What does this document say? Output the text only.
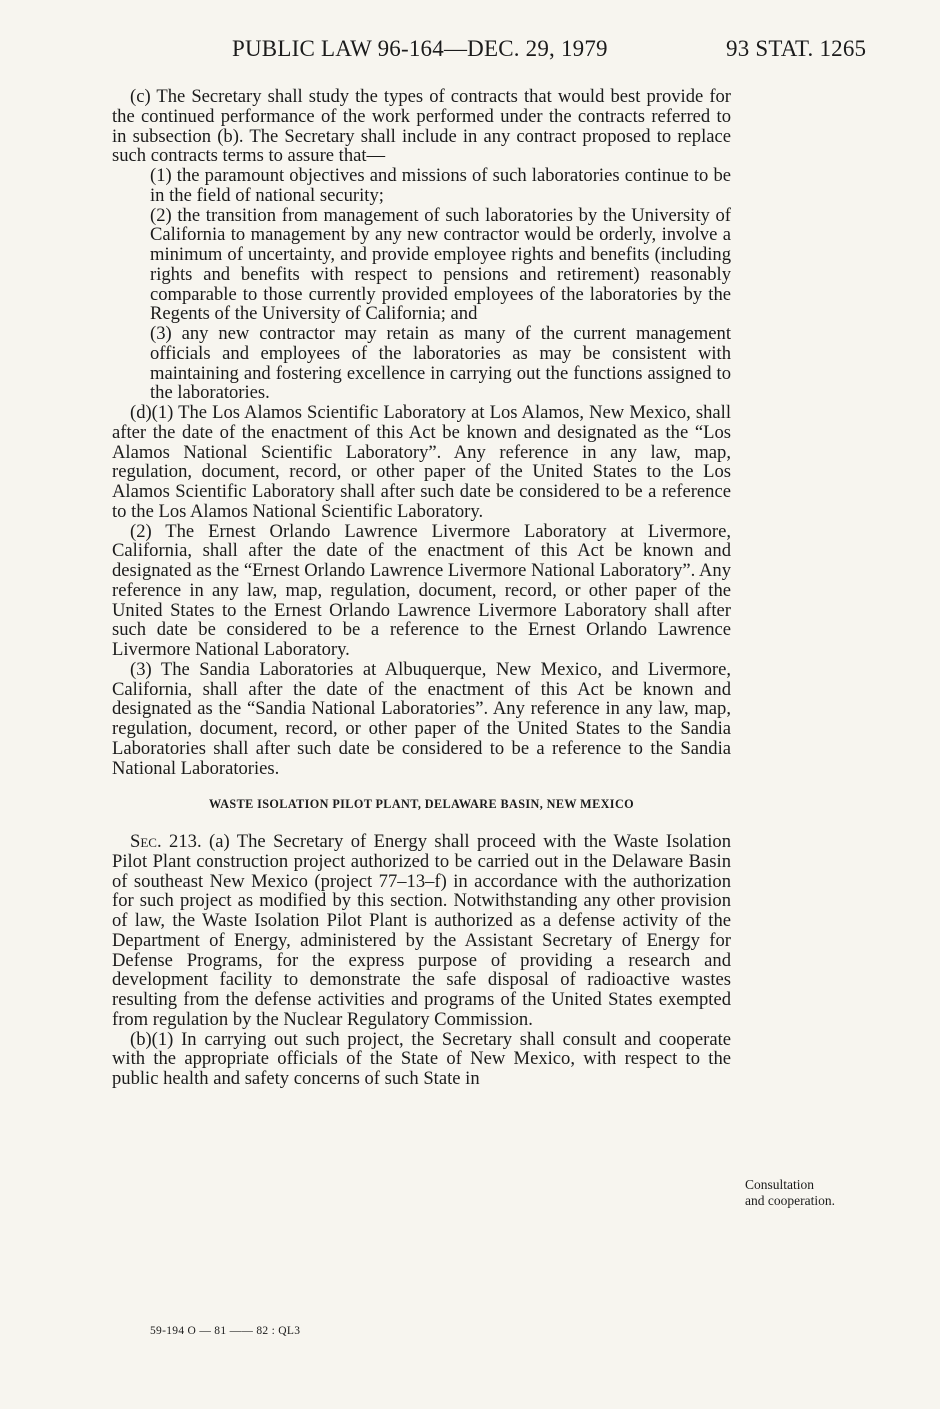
PUBLIC LAW 96-164—DEC. 29, 1979	93 STAT. 1265

(c) The Secretary shall study the types of contracts that would best provide for the continued performance of the work performed under the contracts referred to in subsection (b). The Secretary shall include in any contract proposed to replace such contracts terms to assure that—

(1) the paramount objectives and missions of such laboratories continue to be in the field of national security;

(2) the transition from management of such laboratories by the University of California to management by any new contractor would be orderly, involve a minimum of uncertainty, and provide employee rights and benefits (including rights and benefits with respect to pensions and retirement) reasonably comparable to those currently provided employees of the laboratories by the Regents of the University of California; and

(3) any new contractor may retain as many of the current management officials and employees of the laboratories as may be consistent with maintaining and fostering excellence in carrying out the functions assigned to the laboratories.

(d)(1) The Los Alamos Scientific Laboratory at Los Alamos, New Mexico, shall after the date of the enactment of this Act be known and designated as the “Los Alamos National Scientific Laboratory”. Any reference in any law, map, regulation, document, record, or other paper of the United States to the Los Alamos Scientific Laboratory shall after such date be considered to be a reference to the Los Alamos National Scientific Laboratory.

(2) The Ernest Orlando Lawrence Livermore Laboratory at Livermore, California, shall after the date of the enactment of this Act be known and designated as the “Ernest Orlando Lawrence Livermore National Laboratory”. Any reference in any law, map, regulation, document, record, or other paper of the United States to the Ernest Orlando Lawrence Livermore Laboratory shall after such date be considered to be a reference to the Ernest Orlando Lawrence Livermore National Laboratory.

(3) The Sandia Laboratories at Albuquerque, New Mexico, and Livermore, California, shall after the date of the enactment of this Act be known and designated as the “Sandia National Laboratories”. Any reference in any law, map, regulation, document, record, or other paper of the United States to the Sandia Laboratories shall after such date be considered to be a reference to the Sandia National Laboratories.

WASTE ISOLATION PILOT PLANT, DELAWARE BASIN, NEW MEXICO

Sec. 213. (a) The Secretary of Energy shall proceed with the Waste Isolation Pilot Plant construction project authorized to be carried out in the Delaware Basin of southeast New Mexico (project 77–13–f) in accordance with the authorization for such project as modified by this section. Notwithstanding any other provision of law, the Waste Isolation Pilot Plant is authorized as a defense activity of the Department of Energy, administered by the Assistant Secretary of Energy for Defense Programs, for the express purpose of providing a research and development facility to demonstrate the safe disposal of radioactive wastes resulting from the defense activities and programs of the United States exempted from regulation by the Nuclear Regulatory Commission.

(b)(1) In carrying out such project, the Secretary shall consult and cooperate with the appropriate officials of the State of New Mexico, with respect to the public health and safety concerns of such State in

Consultation
and cooperation.
59-194 O — 81 —— 82 : QL3
